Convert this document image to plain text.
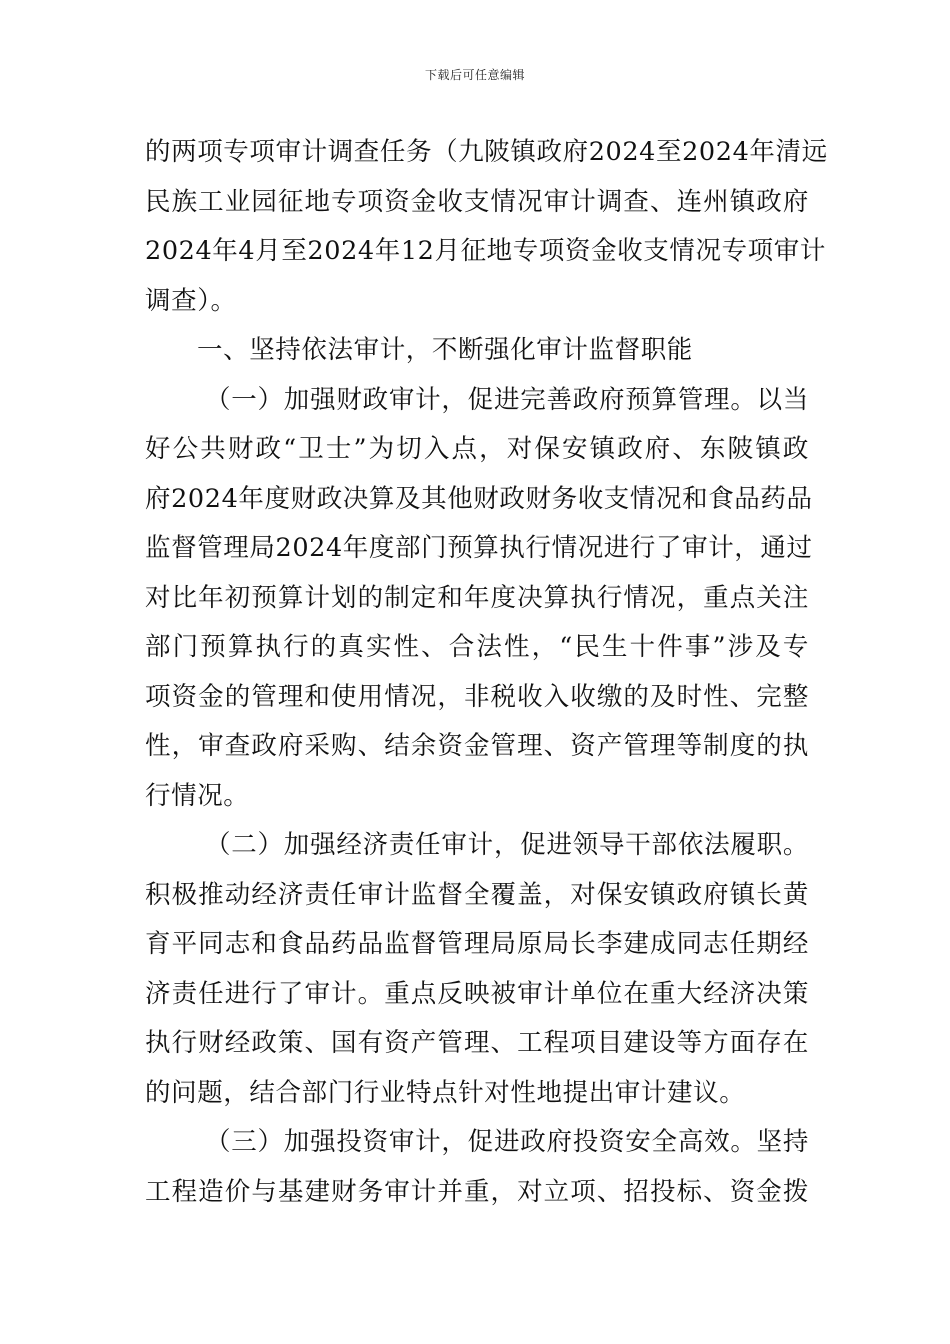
下载后可任意编辑
的两项专项审计调查任务（九陂镇政府2024至2024年清远
民族工业园征地专项资金收支情况审计调查、连州镇政府
2024年4月至2024年12月征地专项资金收支情况专项审计
调查）。
一、坚持依法审计，不断强化审计监督职能
（一）加强财政审计，促进完善政府预算管理。以当
好公共财政“卫士”为切入点，对保安镇政府、东陂镇政
府2024年度财政决算及其他财政财务收支情况和食品药品
监督管理局2024年度部门预算执行情况进行了审计，通过
对比年初预算计划的制定和年度决算执行情况，重点关注
部门预算执行的真实性、合法性，“民生十件事”涉及专
项资金的管理和使用情况，非税收入收缴的及时性、完整
性，审查政府采购、结余资金管理、资产管理等制度的执
行情况。
（二）加强经济责任审计，促进领导干部依法履职。
积极推动经济责任审计监督全覆盖，对保安镇政府镇长黄
育平同志和食品药品监督管理局原局长李建成同志任期经
济责任进行了审计。重点反映被审计单位在重大经济决策
执行财经政策、国有资产管理、工程项目建设等方面存在
的问题，结合部门行业特点针对性地提出审计建议。
（三）加强投资审计，促进政府投资安全高效。坚持
工程造价与基建财务审计并重，对立项、招投标、资金拨
